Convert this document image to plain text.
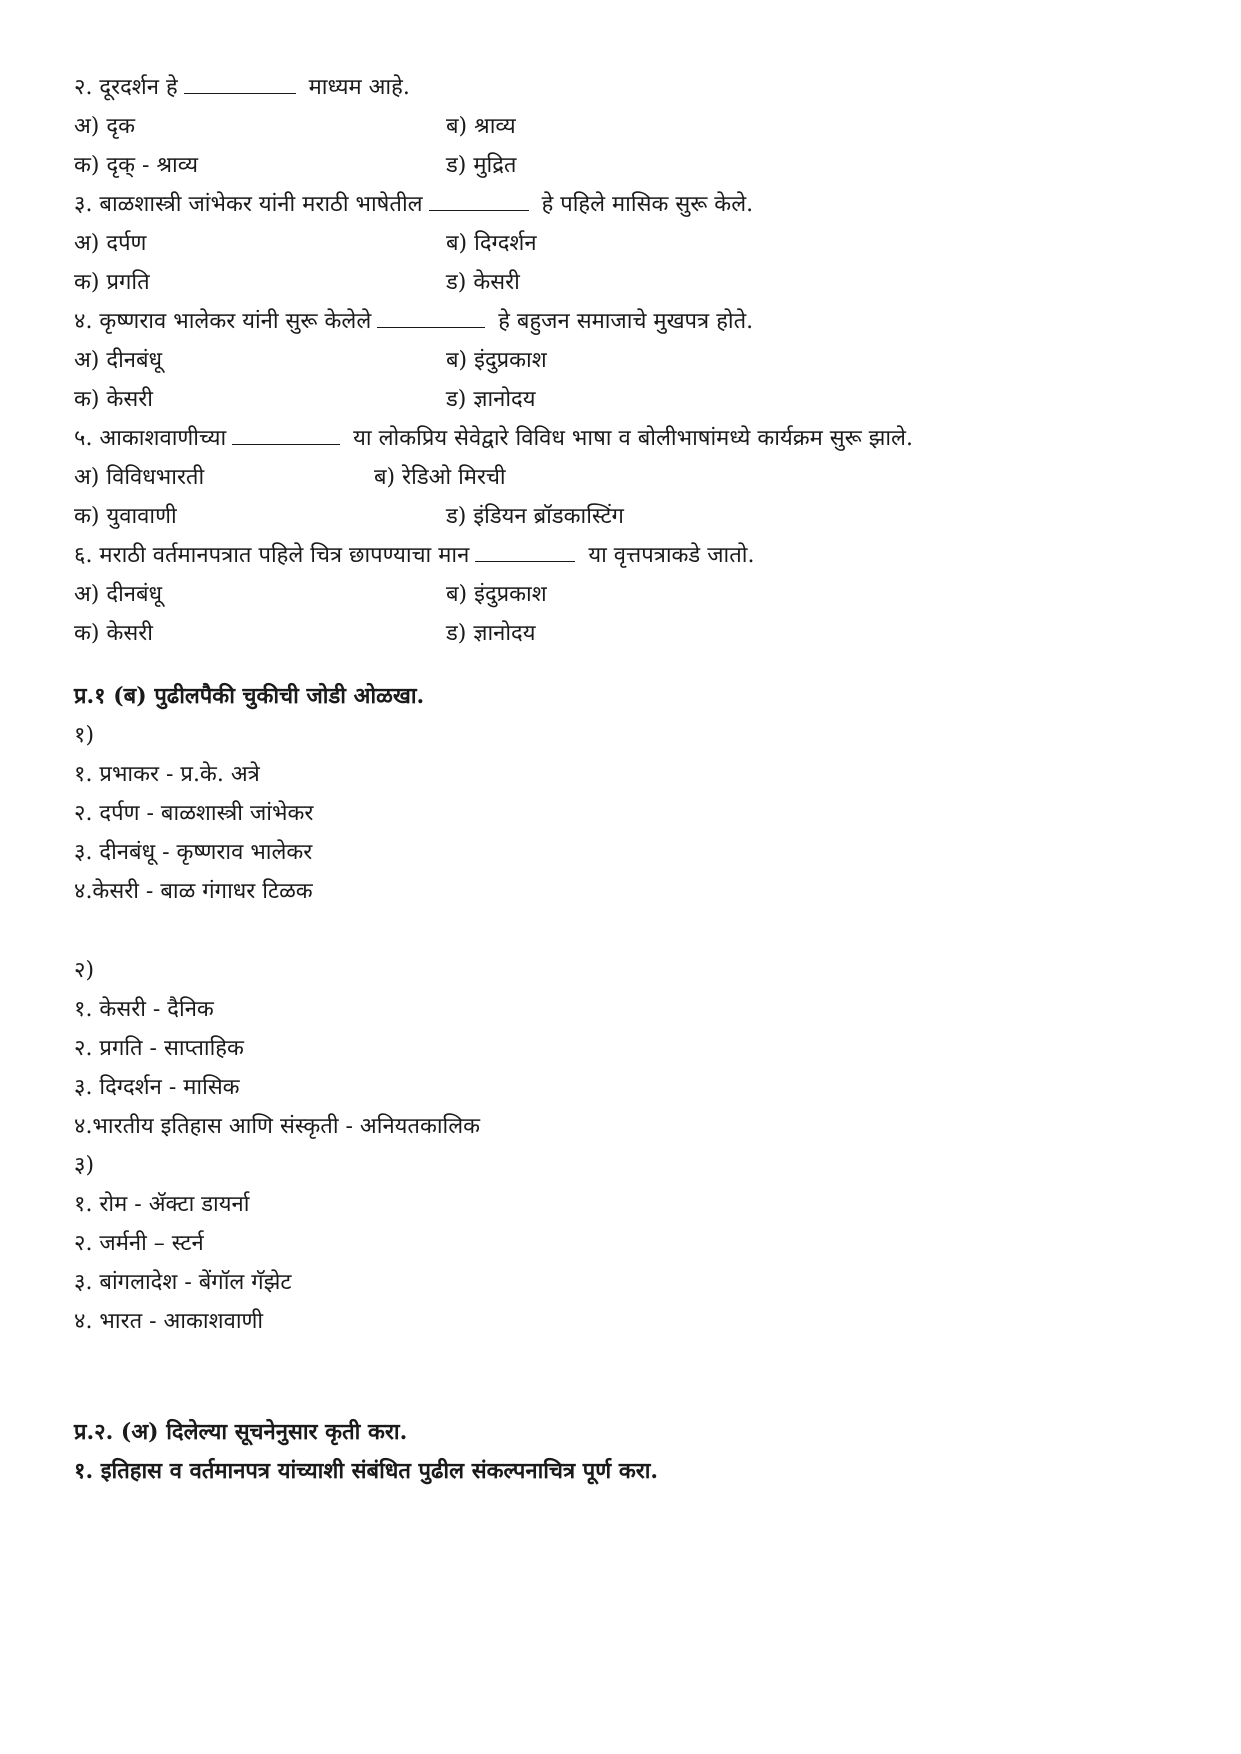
२. दूरदर्शन हे	माध्यम आहे.
अ) दृक	ब) श्राव्य
क) दृक् - श्राव्य	ड) मुद्रित
३. बाळशास्त्री जांभेकर यांनी मराठी भाषेतील	हे पहिले मासिक सुरू केले.
अ) दर्पण	ब) दिग्दर्शन
क) प्रगति	ड) केसरी
४. कृष्णराव भालेकर यांनी सुरू केलेले	हे बहुजन समाजाचे मुखपत्र होते.
अ) दीनबंधू	ब) इंदुप्रकाश
क) केसरी	ड) ज्ञानोदय
५. आकाशवाणीच्या	या लोकप्रिय सेवेद्वारे विविध भाषा व बोलीभाषांमध्ये कार्यक्रम सुरू झाले.
अ) विविधभारती	ब) रेडिओ मिरची
क) युवावाणी	ड) इंडियन ब्रॉडकास्टिंग
६. मराठी वर्तमानपत्रात पहिले चित्र छापण्याचा मान	या वृत्तपत्राकडे जातो.
अ) दीनबंधू	ब) इंदुप्रकाश
क) केसरी	ड) ज्ञानोदय
प्र.१ (ब) पुढीलपैकी चुकीची जोडी ओळखा.
१)
१. प्रभाकर - प्र.के. अत्रे
२. दर्पण - बाळशास्त्री जांभेकर
३. दीनबंधू - कृष्णराव भालेकर
४.केसरी - बाळ गंगाधर टिळक
२)
१. केसरी - दैनिक
२. प्रगति - साप्ताहिक
३. दिग्दर्शन - मासिक
४.भारतीय इतिहास आणि संस्कृती - अनियतकालिक
३)
१. रोम - ॲक्टा डायर्ना
२. जर्मनी – स्टर्न
३. बांगलादेश - बेंगॉल गॅझेट
४. भारत - आकाशवाणी
प्र.२. (अ) दिलेल्या सूचनेनुसार कृती करा.
१. इतिहास व वर्तमानपत्र यांच्याशी संबंधित पुढील संकल्पनाचित्र पूर्ण करा.
